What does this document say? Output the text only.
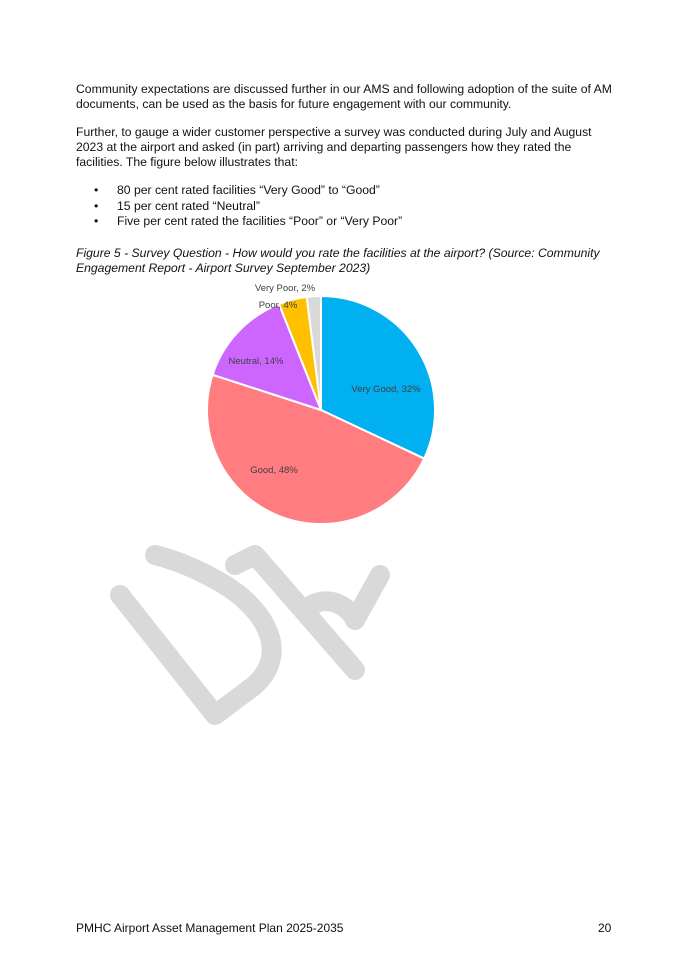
Community expectations are discussed further in our AMS and following adoption of the suite of AM documents, can be used as the basis for future engagement with our community.

Further, to gauge a wider customer perspective a survey was conducted during July and August 2023 at the airport and asked (in part) arriving and departing passengers how they rated the facilities. The figure below illustrates that:

• 80 per cent rated facilities “Very Good” to “Good”
• 15 per cent rated “Neutral”
• Five per cent rated the facilities “Poor” or “Very Poor”

Figure 5 - Survey Question - How would you rate the facilities at the airport? (Source: Community Engagement Report - Airport Survey September 2023)

Very Good, 32%
Good, 48%
Neutral, 14%
Poor, 4%
Very Poor, 2%
PMHC Airport Asset Management Plan 2025-2035	20
